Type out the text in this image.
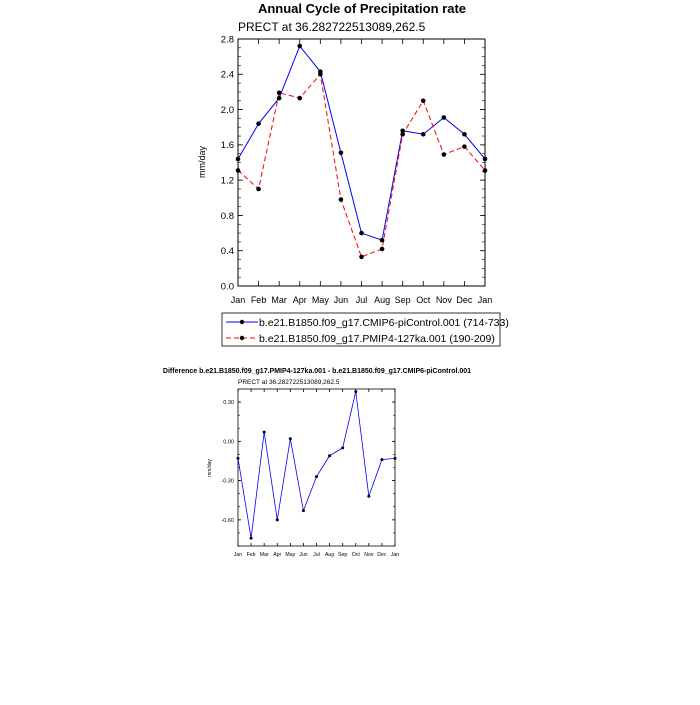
Annual Cycle of Precipitation rate
PRECT at 36.282722513089,262.5
0.0
0.4
0.8
1.2
1.6
2.0
2.4
2.8
Jan Feb Mar Apr May Jun Jul Aug Sep Oct Nov Dec Jan
mm/day
b.e21.B1850.f09_g17.CMIP6-piControl.001 (714-733)
b.e21.B1850.f09_g17.PMIP4-127ka.001 (190-209)
Difference b.e21.B1850.f09_g17.PMIP4-127ka.001 - b.e21.B1850.f09_g17.CMIP6-piControl.001
PRECT at 36.282722513089,262.5
-0.60
-0.30
0.00
0.30
Jan Feb Mar Apr May Jun Jul Aug Sep Oct Nov Dec Jan
mm/day
